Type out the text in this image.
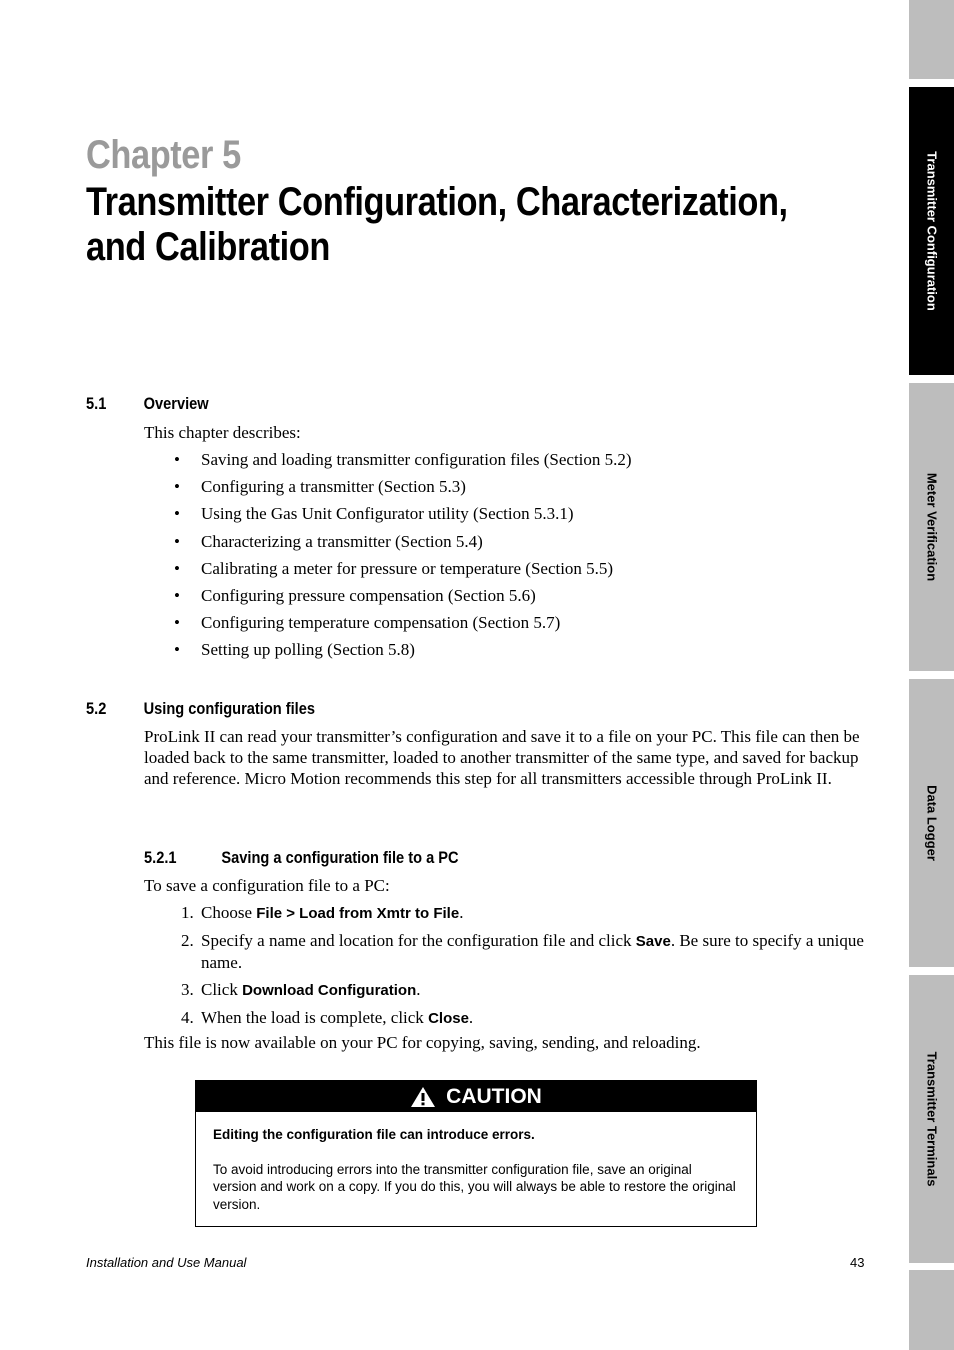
Transmitter Configuration
Meter Verification
Data Logger
Transmitter Terminals
Chapter 5
Transmitter Configuration, Characterization,
and Calibration
5.1 Overview

This chapter describes:

• Saving and loading transmitter configuration files (Section 5.2)
• Configuring a transmitter (Section 5.3)
• Using the Gas Unit Configurator utility (Section 5.3.1)
• Characterizing a transmitter (Section 5.4)
• Calibrating a meter for pressure or temperature (Section 5.5)
• Configuring pressure compensation (Section 5.6)
• Configuring temperature compensation (Section 5.7)
• Setting up polling (Section 5.8)
5.2 Using configuration files

ProLink II can read your transmitter’s configuration and save it to a file on your PC. This file can then be loaded back to the same transmitter, loaded to another transmitter of the same type, and saved for backup and reference. Micro Motion recommends this step for all transmitters accessible through ProLink II.

5.2.1	Saving a configuration file to a PC

To save a configuration file to a PC:

1. Choose File > Load from Xmtr to File.
2. Specify a name and location for the configuration file and click Save. Be sure to specify a unique name.
3. Click Download Configuration.
4. When the load is complete, click Close.

This file is now available on your PC for copying, saving, sending, and reloading.

CAUTION

Editing the configuration file can introduce errors.

To avoid introducing errors into the transmitter configuration file, save an original version and work on a copy. If you do this, you will always be able to restore the original version.

Installation and Use Manual	43
